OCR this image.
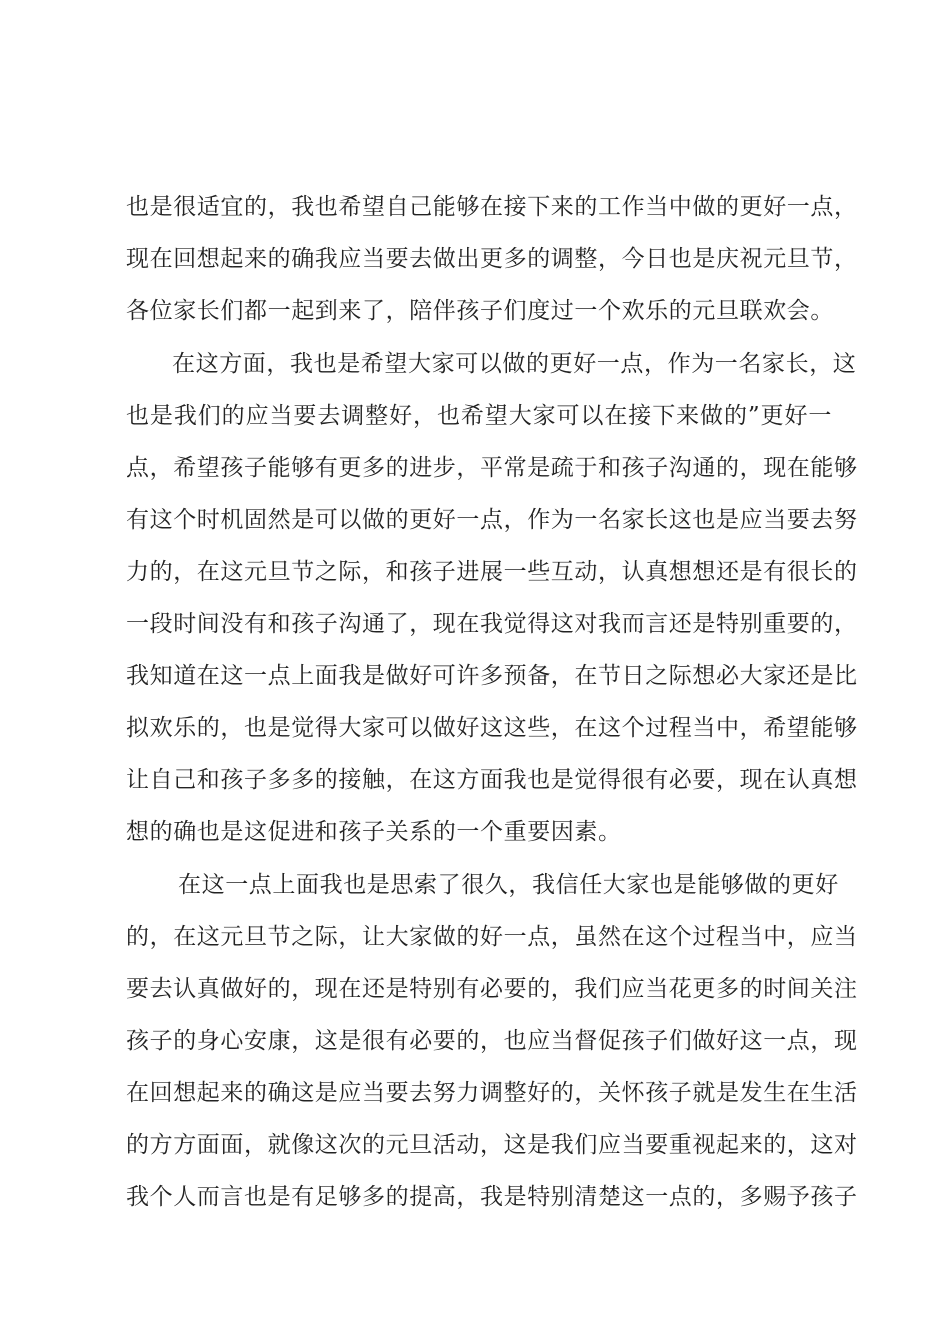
也是很适宜的，我也希望自己能够在接下来的工作当中做的更好一点，

现在回想起来的确我应当要去做出更多的调整，今日也是庆祝元旦节，

各位家长们都一起到来了，陪伴孩子们度过一个欢乐的元旦联欢会。

在这方面，我也是希望大家可以做的更好一点，作为一名家长，这

也是我们的应当要去调整好，也希望大家可以在接下来做的”更好一

点，希望孩子能够有更多的进步，平常是疏于和孩子沟通的，现在能够

有这个时机固然是可以做的更好一点，作为一名家长这也是应当要去努

力的，在这元旦节之际，和孩子进展一些互动，认真想想还是有很长的

一段时间没有和孩子沟通了，现在我觉得这对我而言还是特别重要的，

我知道在这一点上面我是做好可许多预备，在节日之际想必大家还是比

拟欢乐的，也是觉得大家可以做好这这些，在这个过程当中，希望能够

让自己和孩子多多的接触，在这方面我也是觉得很有必要，现在认真想

想的确也是这促进和孩子关系的一个重要因素。

在这一点上面我也是思索了很久，我信任大家也是能够做的更好

的，在这元旦节之际，让大家做的好一点，虽然在这个过程当中，应当

要去认真做好的，现在还是特别有必要的，我们应当花更多的时间关注

孩子的身心安康，这是很有必要的，也应当督促孩子们做好这一点，现

在回想起来的确这是应当要去努力调整好的，关怀孩子就是发生在生活

的方方面面，就像这次的元旦活动，这是我们应当要重视起来的，这对

我个人而言也是有足够多的提高，我是特别清楚这一点的，多赐予孩子
